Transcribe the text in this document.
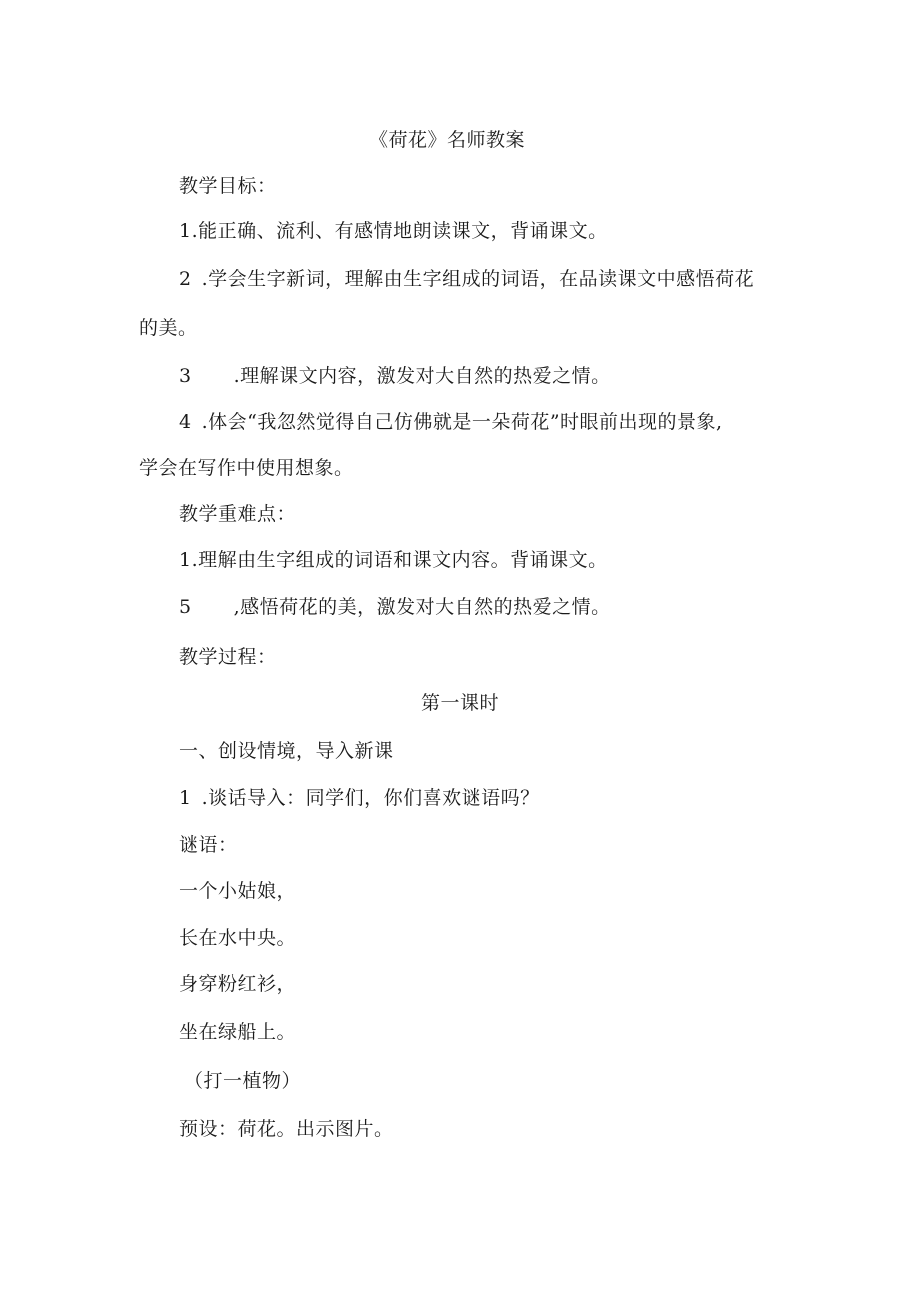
《荷花》名师教案
教学目标：
1.能正确、流利、有感情地朗读课文，背诵课文。
2 .学会生字新词，理解由生字组成的词语，在品读课文中感悟荷花
的美。
3 .理解课文内容，激发对大自然的热爱之情。
4 .体会“我忽然觉得自己仿佛就是一朵荷花”时眼前出现的景象,
学会在写作中使用想象。
教学重难点：
1.理解由生字组成的词语和课文内容。背诵课文。
5 ,感悟荷花的美，激发对大自然的热爱之情。
教学过程：
第一课时
一、创设情境，导入新课
1 .谈话导入：同学们，你们喜欢谜语吗？
谜语：
一个小姑娘，
长在水中央。
身穿粉红衫，
坐在绿船上。
（打一植物）
预设：荷花。出示图片。
